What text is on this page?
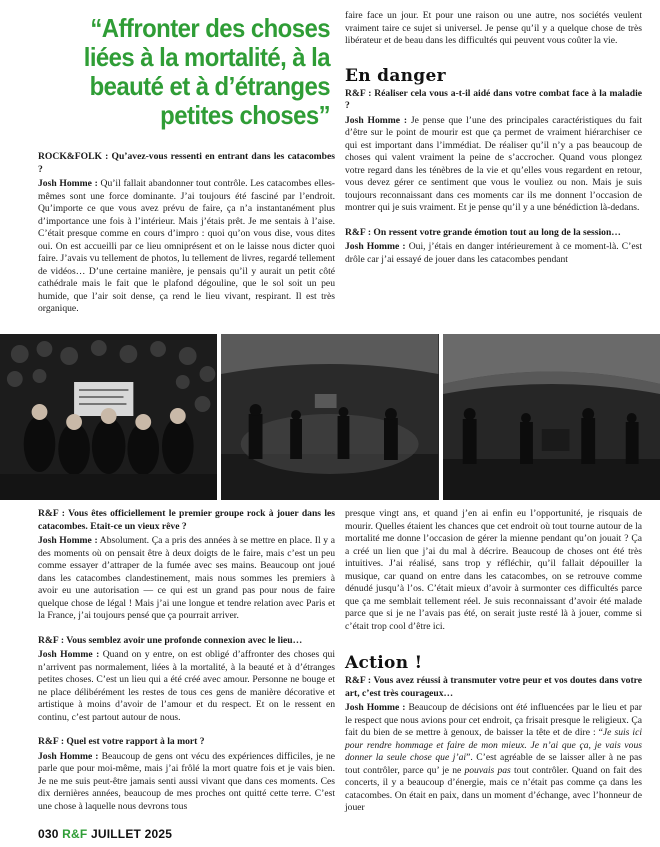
“Affronter des choses liées à la mortalité, à la beauté et à d’étranges petites choses”

ROCK&FOLK : Qu’avez-vous ressenti en entrant dans les catacombes ?

Josh Homme : Qu’il fallait abandonner tout contrôle. Les catacombes elles-mêmes sont une force dominante. J’ai toujours été fasciné par l’endroit. Qu’importe ce que vous avez prévu de faire, ça n’a instantanément plus d’importance une fois à l’intérieur. Mais j’étais prêt. Je me sentais à l’aise. C’était presque comme en cours d’impro : quoi qu’on vous dise, vous dites oui. On est accueilli par ce lieu omniprésent et on le laisse nous dicter quoi faire. J’avais vu tellement de photos, lu tellement de livres, regardé tellement de vidéos… D’une certaine manière, je pensais qu’il y aurait un petit côté cathédrale mais le fait que le plafond dégouline, que le sol soit un peu humide, que l’air soit dense, ça rend le lieu vivant, respirant. Il est très organique.

faire face un jour. Et pour une raison ou une autre, nos sociétés veulent vraiment taire ce sujet si universel. Je pense qu’il y a quelque chose de très libérateur et de beau dans les difficultés qui peuvent vous coûter la vie.

En danger

R&F : Réaliser cela vous a-t-il aidé dans votre combat face à la maladie ?

Josh Homme : Je pense que l’une des principales caractéristiques du fait d’être sur le point de mourir est que ça permet de vraiment hiérarchiser ce qui est important dans l’immédiat. De réaliser qu’il n’y a pas beaucoup de choses qui valent vraiment la peine de s’accrocher. Quand vous plongez votre regard dans les ténèbres de la vie et qu’elles vous regardent en retour, vous devez gérer ce sentiment que vous le vouliez ou non. Mais je suis toujours reconnaissant dans ces moments car ils me donnent l’occasion de montrer qui je suis vraiment. Et je pense qu’il y a une bénédiction là-dedans.

R&F : On ressent votre grande émotion tout au long de la session…

Josh Homme : Oui, j’étais en danger intérieurement à ce moment-là. C’est drôle car j’ai essayé de jouer dans les catacombes pendant

R&F : Vous êtes officiellement le premier groupe rock à jouer dans les catacombes. Etait-ce un vieux rêve ?

Josh Homme : Absolument. Ça a pris des années à se mettre en place. Il y a des moments où on pensait être à deux doigts de le faire, mais c’est un peu comme essayer d’attraper de la fumée avec ses mains. Beaucoup ont joué dans les catacombes clandestinement, mais nous sommes les premiers à avoir eu une autorisation — ce qui est un grand pas pour nous de faire quelque chose de légal ! Mais j’ai une longue et tendre relation avec Paris et la France, j’ai toujours pensé que ça pourrait arriver.

R&F : Vous semblez avoir une profonde connexion avec le lieu…

Josh Homme : Quand on y entre, on est obligé d’affronter des choses qui n’arrivent pas normalement, liées à la mortalité, à la beauté et à d’étranges petites choses. C’est un lieu qui a été créé avec amour. Personne ne bouge et ne place délibérément les restes de tous ces gens de manière décorative et artistique à moins d’avoir de l’amour et du respect. Et on le ressent en continu, c’est partout autour de nous.

R&F : Quel est votre rapport à la mort ?

Josh Homme : Beaucoup de gens ont vécu des expériences difficiles, je ne parle que pour moi-même, mais j’ai frôlé la mort quatre fois et je vais bien. Je ne me suis peut-être jamais senti aussi vivant que dans ces moments. Ces dix dernières années, beaucoup de mes proches ont quitté cette terre. C’est une chose à laquelle nous devrons tous

presque vingt ans, et quand j’en ai enfin eu l’opportunité, je risquais de mourir. Quelles étaient les chances que cet endroit où tout tourne autour de la mortalité me donne l’occasion de gérer la mienne pendant qu’on jouait ? Ça a créé un lien que j’ai du mal à décrire. Beaucoup de choses ont été très intuitives. J’ai réalisé, sans trop y réfléchir, qu’il fallait dépouiller la musique, car quand on entre dans les catacombes, on se retrouve comme dénudé jusqu’à l’os. C’était mieux d’avoir à surmonter ces difficultés parce que ça me semblait tellement réel. Je suis reconnaissant d’avoir été malade parce que si je ne l’avais pas été, on serait juste resté là à jouer, comme si c’était trop cool d’être ici.

Action !

R&F : Vous avez réussi à transmuter votre peur et vos doutes dans votre art, c’est très courageux…

Josh Homme : Beaucoup de décisions ont été influencées par le lieu et par le respect que nous avions pour cet endroit, ça frisait presque le religieux. Ça fait du bien de se mettre à genoux, de baisser la tête et de dire : “Je suis ici pour rendre hommage et faire de mon mieux. Je n’ai que ça, je vais vous donner la seule chose que j’ai”. C’est agréable de se laisser aller à ne pas tout contrôler, parce qu’ je ne pouvais pas tout contrôler. Quand on fait des concerts, il y a beaucoup d’énergie, mais ce n’était pas comme ça dans les catacombes. On était en paix, dans un moment d’échange, avec l’honneur de jouer

030 R&F JUILLET 2025
